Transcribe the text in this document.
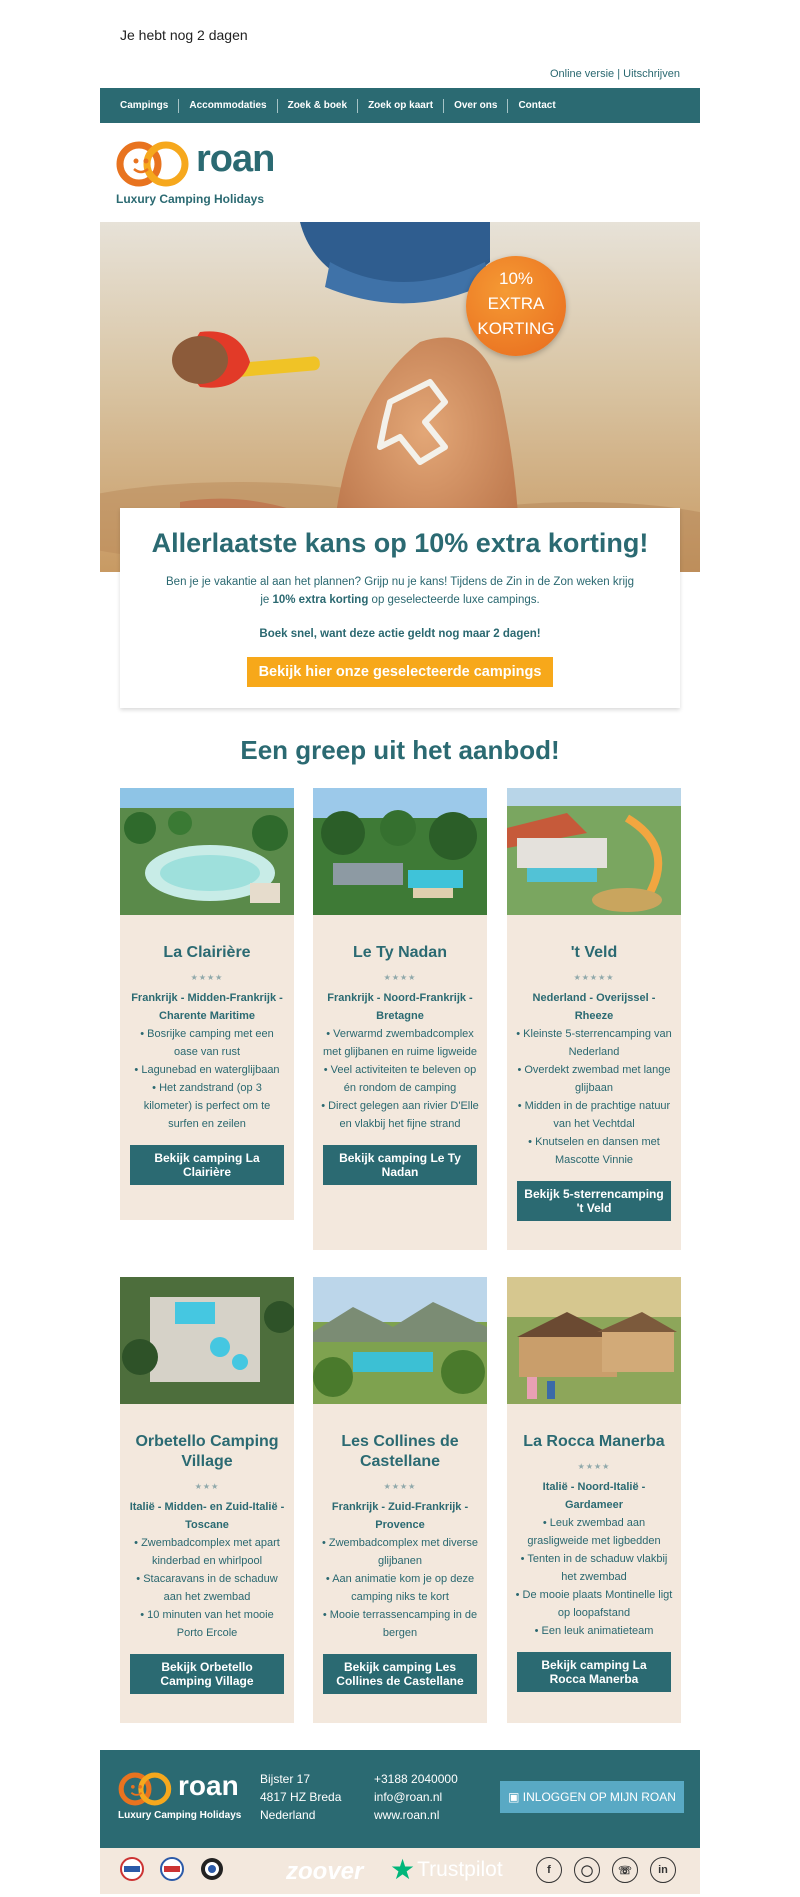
Je hebt nog 2 dagen
Online versie | Uitschrijven
Campings	Accommodaties	Zoek & boek	Zoek op kaart	Over ons	Contact
roan
Luxury Camping Holidays
10%
EXTRA
KORTING
Allerlaatste kans op 10% extra korting!

Ben je je vakantie al aan het plannen? Grijp nu je kans! Tijdens de Zin in de Zon weken krijg je 10% extra korting op geselecteerde luxe campings.

Boek snel, want deze actie geldt nog maar 2 dagen!

Bekijk hier onze geselecteerde campings
Een greep uit het aanbod!
La Clairière
★★★★
Frankrijk - Midden-Frankrijk - Charente Maritime
• Bosrijke camping met een oase van rust
• Lagunebad en waterglijbaan
• Het zandstrand (op 3 kilometer) is perfect om te surfen en zeilen
Bekijk camping La Clairière
Le Ty Nadan
★★★★
Frankrijk - Noord-Frankrijk - Bretagne
• Verwarmd zwembadcomplex met glijbanen en ruime ligweide
• Veel activiteiten te beleven op én rondom de camping
• Direct gelegen aan rivier D'Elle en vlakbij het fijne strand
Bekijk camping Le Ty Nadan
't Veld
★★★★★
Nederland - Overijssel - Rheeze
• Kleinste 5-sterrencamping van Nederland
• Overdekt zwembad met lange glijbaan
• Midden in de prachtige natuur van het Vechtdal
• Knutselen en dansen met Mascotte Vinnie
Bekijk 5-sterrencamping 't Veld
Orbetello Camping Village
★★★
Italië - Midden- en Zuid-Italië - Toscane
• Zwembadcomplex met apart kinderbad en whirlpool
• Stacaravans in de schaduw aan het zwembad
• 10 minuten van het mooie Porto Ercole
Bekijk Orbetello Camping Village
Les Collines de Castellane
★★★★
Frankrijk - Zuid-Frankrijk - Provence
• Zwembadcomplex met diverse glijbanen
• Aan animatie kom je op deze camping niks te kort
• Mooie terrassencamping in de bergen
Bekijk camping Les Collines de Castellane
La Rocca Manerba
★★★★
Italië - Noord-Italië - Gardameer
• Leuk zwembad aan grasligweide met ligbedden
• Tenten in de schaduw vlakbij het zwembad
• De mooie plaats Montinelle ligt op loopafstand
• Een leuk animatieteam
Bekijk camping La Rocca Manerba
roan
Luxury Camping Holidays
Bijster 17
4817 HZ Breda
Nederland
+3188 2040000
info@roan.nl
www.roan.nl
▣ INLOGGEN OP MIJN ROAN
zoover ★ Trustpilot	f	◯	☏	in
